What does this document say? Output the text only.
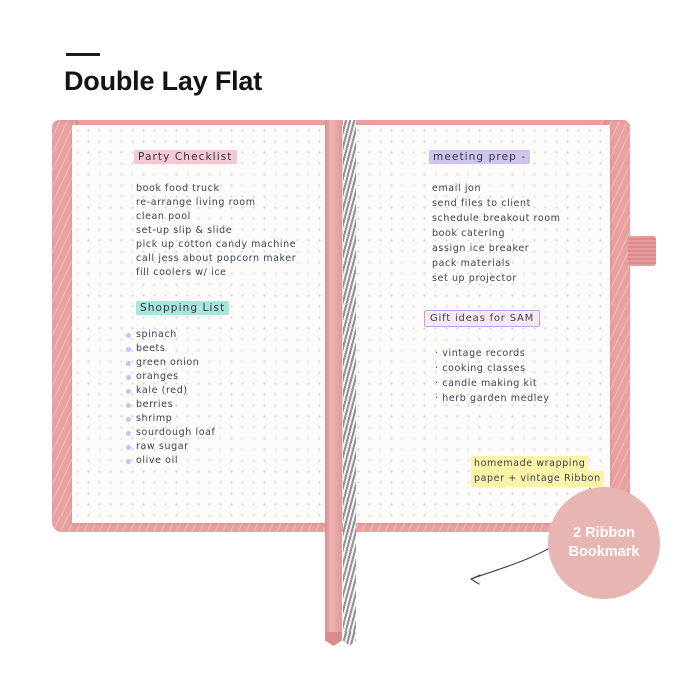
Double Lay Flat
Party Checklist
book food truck
re-arrange living room
clean pool
set-up slip & slide
pick up cotton candy machine
call jess about popcorn maker
fill coolers w/ ice
Shopping List
spinach
beets
green onion
oranges
kale (red)
berries
shrimp
sourdough loaf
raw sugar
olive oil
meeting prep -
email jon
send files to client
schedule breakout room
book catering
assign ice breaker
pack materials
set up projector
Gift ideas for SAM
· vintage records
· cooking classes
· candle making kit
· herb garden medley
homemade wrapping
paper + vintage Ribbon
2 Ribbon
Bookmark
